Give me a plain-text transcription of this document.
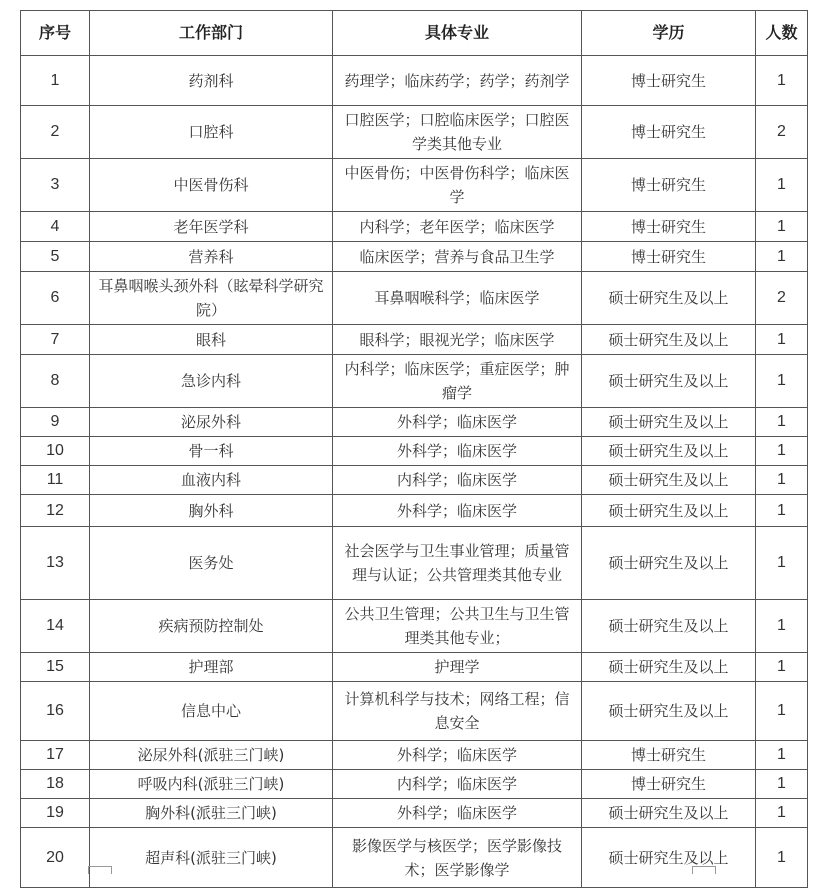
序号	工作部门	具体专业	学历	人数
1	药剂科	药理学；临床药学；药学；药剂学	博士研究生	1
2	口腔科	口腔医学；口腔临床医学；口腔医学类其他专业	博士研究生	2
3	中医骨伤科	中医骨伤；中医骨伤科学；临床医学	博士研究生	1
4	老年医学科	内科学；老年医学；临床医学	博士研究生	1
5	营养科	临床医学；营养与食品卫生学	博士研究生	1
6	耳鼻咽喉头颈外科（眩晕科学研究院）	耳鼻咽喉科学；临床医学	硕士研究生及以上	2
7	眼科	眼科学；眼视光学；临床医学	硕士研究生及以上	1
8	急诊内科	内科学；临床医学；重症医学；肿瘤学	硕士研究生及以上	1
9	泌尿外科	外科学；临床医学	硕士研究生及以上	1
10	骨一科	外科学；临床医学	硕士研究生及以上	1
11	血液内科	内科学；临床医学	硕士研究生及以上	1
12	胸外科	外科学；临床医学	硕士研究生及以上	1
13	医务处	社会医学与卫生事业管理；质量管理与认证；公共管理类其他专业	硕士研究生及以上	1
14	疾病预防控制处	公共卫生管理；公共卫生与卫生管理类其他专业；	硕士研究生及以上	1
15	护理部	护理学	硕士研究生及以上	1
16	信息中心	计算机科学与技术；网络工程；信息安全	硕士研究生及以上	1
17	泌尿外科(派驻三门峡)	外科学；临床医学	博士研究生	1
18	呼吸内科(派驻三门峡)	内科学；临床医学	博士研究生	1
19	胸外科(派驻三门峡)	外科学；临床医学	硕士研究生及以上	1
20	超声科(派驻三门峡)	影像医学与核医学；医学影像技术；医学影像学	硕士研究生及以上	1
